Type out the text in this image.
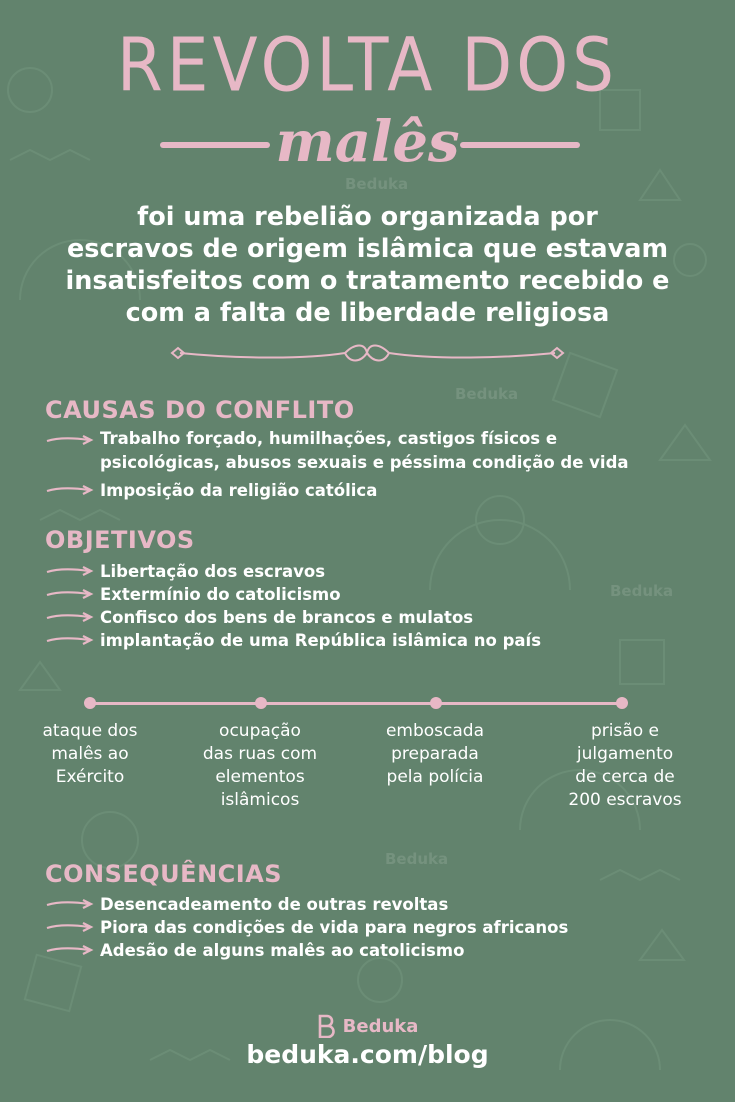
Beduka
Beduka
Beduka
Beduka
REVOLTA DOS
malês
foi uma rebelião organizada por
escravos de origem islâmica que estavam
insatisfeitos com o tratamento recebido e
com a falta de liberdade religiosa
CAUSAS DO CONFLITO
Trabalho forçado, humilhações, castigos físicos e
psicológicas, abusos sexuais e péssima condição de vida
Imposição da religião católica
OBJETIVOS
Libertação dos escravos
Extermínio do catolicismo
Confisco dos bens de brancos e mulatos
implantação de uma República islâmica no país
ataque dos
malês ao
Exército
ocupação
das ruas com
elementos
islâmicos
emboscada
preparada
pela polícia
prisão e
julgamento
de cerca de
200 escravos
CONSEQUÊNCIAS
Desencadeamento de outras revoltas
Piora das condições de vida para negros africanos
Adesão de alguns malês ao catolicismo
Beduka
beduka.com/blog
